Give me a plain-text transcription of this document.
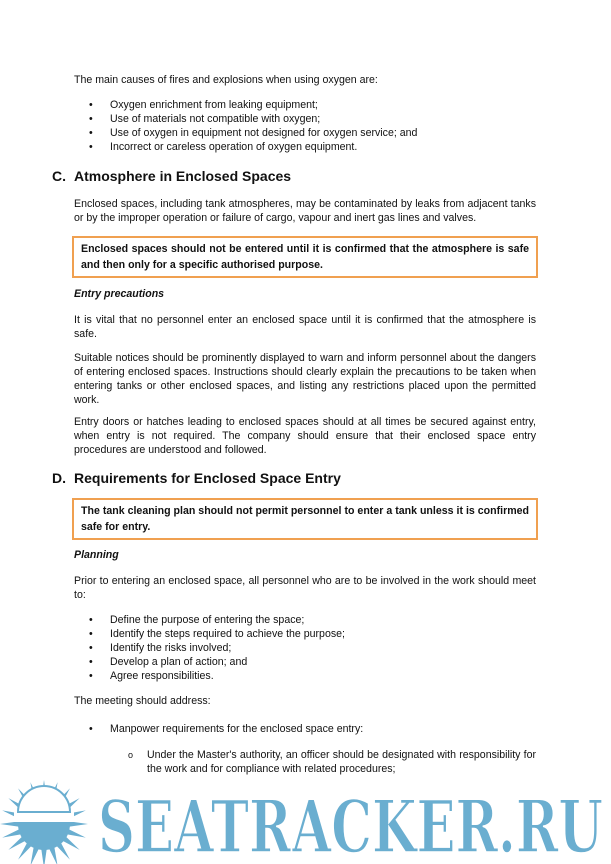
The main causes of fires and explosions when using oxygen are:
• Oxygen enrichment from leaking equipment;
• Use of materials not compatible with oxygen;
• Use of oxygen in equipment not designed for oxygen service; and
• Incorrect or careless operation of oxygen equipment.
C. Atmosphere in Enclosed Spaces
Enclosed spaces, including tank atmospheres, may be contaminated by leaks from adjacent tanks or by the improper operation or failure of cargo, vapour and inert gas lines and valves.
Enclosed spaces should not be entered until it is confirmed that the atmosphere is safe and then only for a specific authorised purpose.
Entry precautions
It is vital that no personnel enter an enclosed space until it is confirmed that the atmosphere is safe.
Suitable notices should be prominently displayed to warn and inform personnel about the dangers of entering enclosed spaces. Instructions should clearly explain the precautions to be taken when entering tanks or other enclosed spaces, and listing any restrictions placed upon the permitted work.
Entry doors or hatches leading to enclosed spaces should at all times be secured against entry, when entry is not required. The company should ensure that their enclosed space entry procedures are understood and followed.
D. Requirements for Enclosed Space Entry
The tank cleaning plan should not permit personnel to enter a tank unless it is confirmed safe for entry.
Planning
Prior to entering an enclosed space, all personnel who are to be involved in the work should meet to:
• Define the purpose of entering the space;
• Identify the steps required to achieve the purpose;
• Identify the risks involved;
• Develop a plan of action; and
• Agree responsibilities.
The meeting should address:
• Manpower requirements for the enclosed space entry:
o Under the Master's authority, an officer should be designated with responsibility for the work and for compliance with related procedures;
SEATRACKER.RU
